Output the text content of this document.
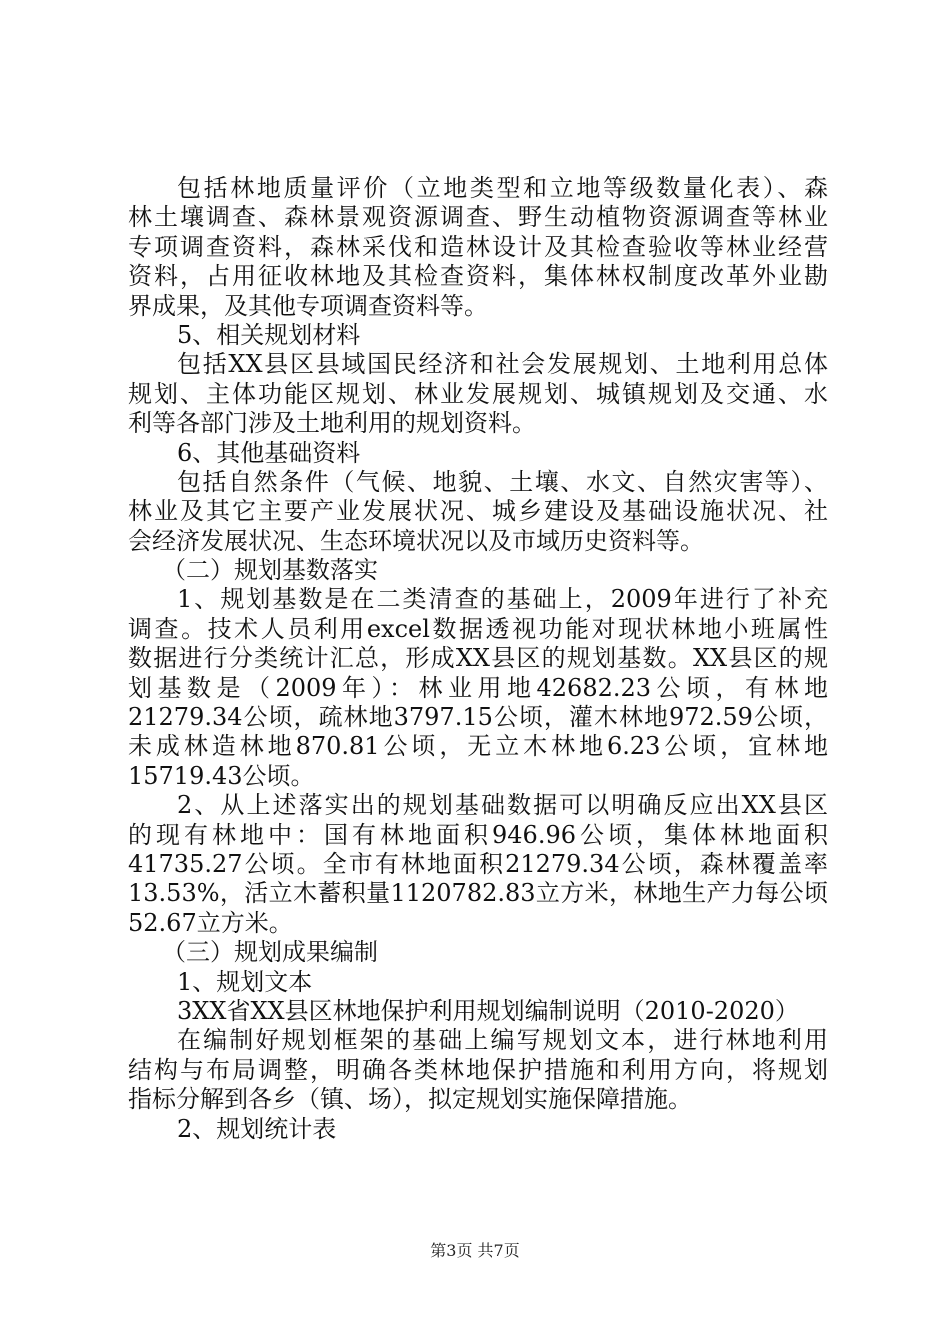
包括林地质量评价（立地类型和立地等级数量化表）、森
林土壤调查、森林景观资源调查、野生动植物资源调查等林业
专项调查资料，森林采伐和造林设计及其检查验收等林业经营
资料，占用征收林地及其检查资料，集体林权制度改革外业勘
界成果，及其他专项调查资料等。
5、相关规划材料
包括XX县区县域国民经济和社会发展规划、土地利用总体
规划、主体功能区规划、林业发展规划、城镇规划及交通、水
利等各部门涉及土地利用的规划资料。
6、其他基础资料
包括自然条件（气候、地貌、土壤、水文、自然灾害等）、
林业及其它主要产业发展状况、城乡建设及基础设施状况、社
会经济发展状况、生态环境状况以及市域历史资料等。
（二）规划基数落实
1、规划基数是在二类清查的基础上，2009年进行了补充
调查。技术人员利用excel数据透视功能对现状林地小班属性
数据进行分类统计汇总，形成XX县区的规划基数。XX县区的规
划基数是（2009年）：林业用地42682.23公顷，有林地
21279.34公顷，疏林地3797.15公顷，灌木林地972.59公顷，
未成林造林地870.81公顷，无立木林地6.23公顷，宜林地
15719.43公顷。
2、从上述落实出的规划基础数据可以明确反应出XX县区
的现有林地中：国有林地面积946.96公顷，集体林地面积
41735.27公顷。全市有林地面积21279.34公顷，森林覆盖率
13.53%，活立木蓄积量1120782.83立方米，林地生产力每公顷
52.67立方米。
（三）规划成果编制
1、规划文本
3XX省XX县区林地保护利用规划编制说明（2010-2020）
在编制好规划框架的基础上编写规划文本，进行林地利用
结构与布局调整，明确各类林地保护措施和利用方向，将规划
指标分解到各乡（镇、场），拟定规划实施保障措施。
2、规划统计表
第3页 共7页
